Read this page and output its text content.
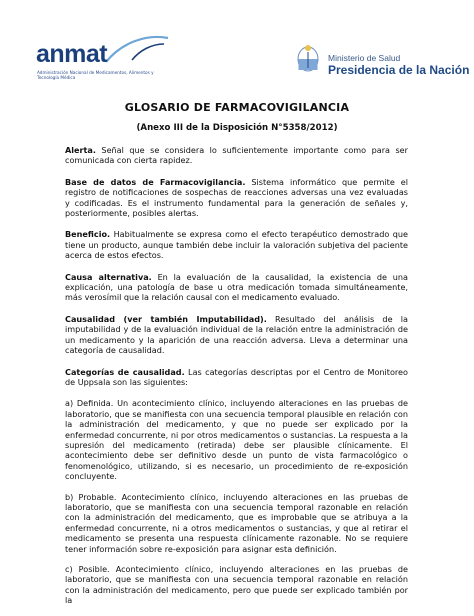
anmat
Administración Nacional de Medicamentos, Alimentos y Tecnología Médica
Ministerio de Salud
Presidencia de la Nación
GLOSARIO DE FARMACOVIGILANCIA
(Anexo III de la Disposición N°5358/2012)

Alerta. Señal que se considera lo suficientemente importante como para ser comunicada con cierta rapidez.

Base de datos de Farmacovigilancia. Sistema informático que permite el registro de notificaciones de sospechas de reacciones adversas una vez evaluadas y codificadas. Es el instrumento fundamental para la generación de señales y, posteriormente, posibles alertas.

Beneficio. Habitualmente se expresa como el efecto terapéutico demostrado que tiene un producto, aunque también debe incluir la valoración subjetiva del paciente acerca de estos efectos.

Causa alternativa. En la evaluación de la causalidad, la existencia de una explicación, una patología de base u otra medicación tomada simultáneamente, más verosímil que la relación causal con el medicamento evaluado.

Causalidad (ver también Imputabilidad). Resultado del análisis de la imputabilidad y de la evaluación individual de la relación entre la administración de un medicamento y la aparición de una reacción adversa. Lleva a determinar una categoría de causalidad.

Categorías de causalidad. Las categorías descriptas por el Centro de Monitoreo de Uppsala son las siguientes:

a) Definida. Un acontecimiento clínico, incluyendo alteraciones en las pruebas de laboratorio, que se manifiesta con una secuencia temporal plausible en relación con la administración del medicamento, y que no puede ser explicado por la enfermedad concurrente, ni por otros medicamentos o sustancias. La respuesta a la supresión del medicamento (retirada) debe ser plausible clínicamente. El acontecimiento debe ser definitivo desde un punto de vista farmacológico o fenomenológico, utilizando, si es necesario, un procedimiento de re-exposición concluyente.

b) Probable. Acontecimiento clínico, incluyendo alteraciones en las pruebas de laboratorio, que se manifiesta con una secuencia temporal razonable en relación con la administración del medicamento, que es improbable que se atribuya a la enfermedad concurrente, ni a otros medicamentos o sustancias, y que al retirar el medicamento se presenta una respuesta clínicamente razonable. No se requiere tener información sobre re-exposición para asignar esta definición.

c) Posible. Acontecimiento clínico, incluyendo alteraciones en las pruebas de laboratorio, que se manifiesta con una secuencia temporal razonable en relación con la administración del medicamento, pero que puede ser explicado también por la
